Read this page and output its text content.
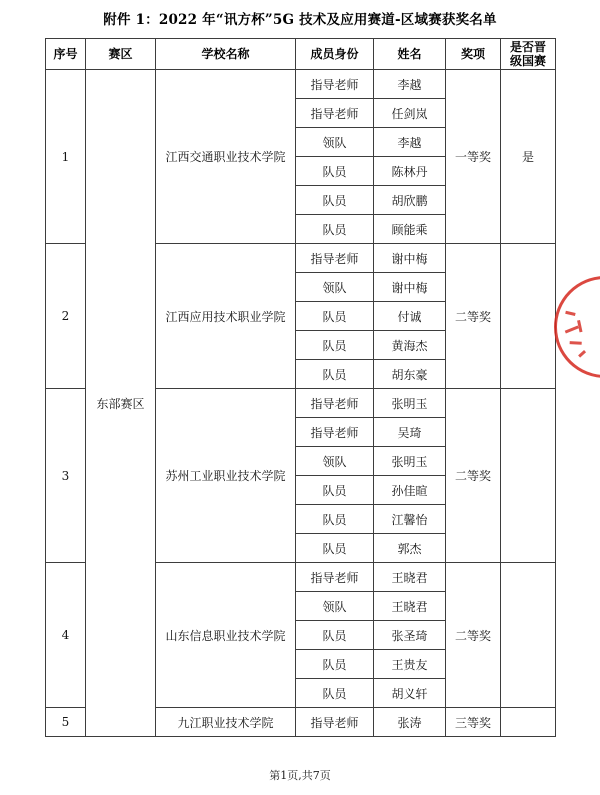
附件 1：2022 年“讯方杯”5G 技术及应用赛道-区域赛获奖名单
序号	赛区	学校名称	成员身份	姓名	奖项	是否晋级国赛
1	东部赛区	江西交通职业技术学院	指导老师	李越	一等奖	是
			指导老师	任剑岚		
			领队	李越		
			队员	陈林丹		
			队员	胡欣鹏		
			队员	顾能乘		
2		江西应用技术职业学院	指导老师	谢中梅	二等奖	
			领队	谢中梅		
			队员	付诚		
			队员	黄海杰		
			队员	胡东豪		
3		苏州工业职业技术学院	指导老师	张明玉	二等奖	
			指导老师	吴琦		
			领队	张明玉		
			队员	孙佳暄		
			队员	江馨怡		
			队员	郭杰		
4		山东信息职业技术学院	指导老师	王晓君	二等奖	
			领队	王晓君		
			队员	张圣琦		
			队员	王贵友		
			队员	胡义轩		
5		九江职业技术学院	指导老师	张涛	三等奖	
第1页,共7页
